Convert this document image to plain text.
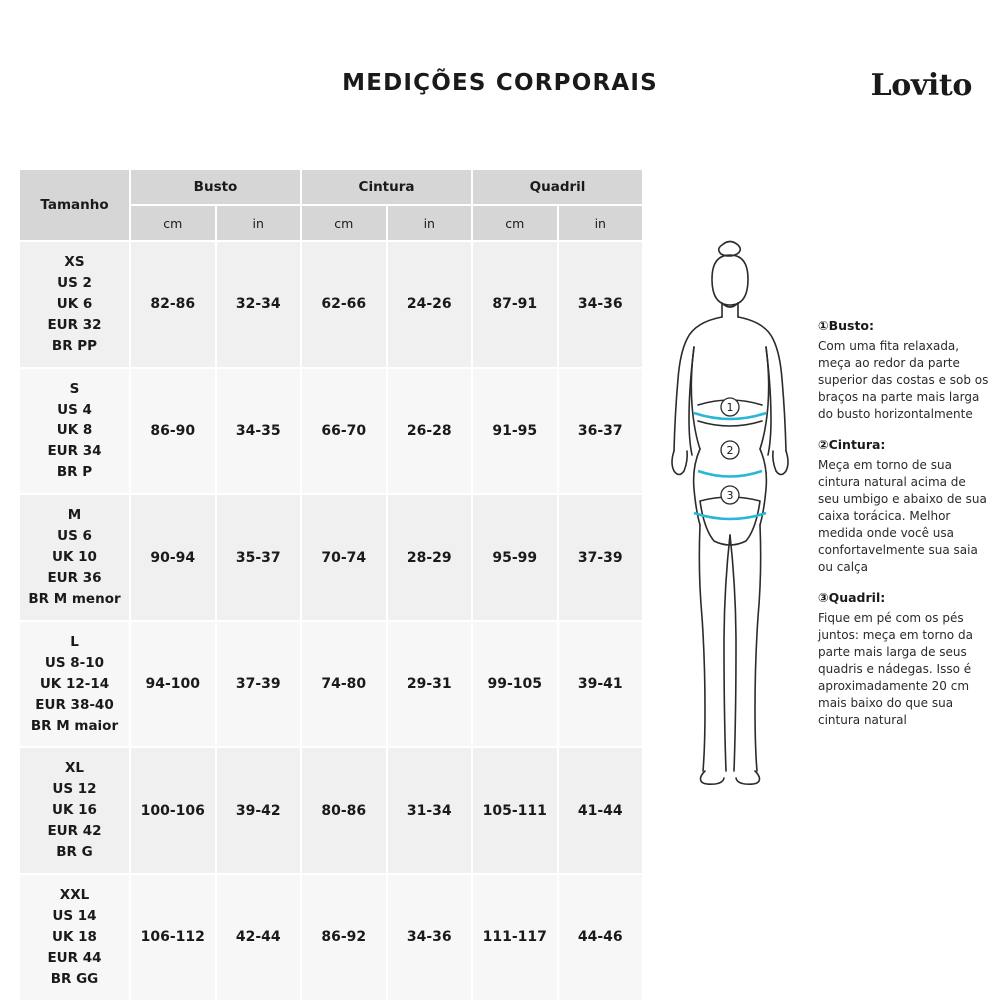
MEDIÇÕES CORPORAIS	Lovito
Tamanho	Busto		Cintura		Quadril	
	cm	in	cm	in	cm	in

XS
US 2
UK 6
EUR 32
BR PP	82-86	32-34	62-66	24-26	87-91	34-36

S
US 4
UK 8
EUR 34
BR P	86-90	34-35	66-70	26-28	91-95	36-37

M
US 6
UK 10
EUR 36
BR M menor	90-94	35-37	70-74	28-29	95-99	37-39

L
US 8-10
UK 12-14
EUR 38-40
BR M maior	94-100	37-39	74-80	29-31	99-105	39-41

XL
US 12
UK 16
EUR 42
BR G	100-106	39-42	80-86	31-34	105-111	41-44

XXL
US 14
UK 18
EUR 44
BR GG	106-112	42-44	86-92	34-36	111-117	44-46
1
2
3
①Busto:
Com uma fita relaxada, meça ao redor da parte superior das costas e sob os braços na parte mais larga do busto horizontalmente
②Cintura:
Meça em torno de sua cintura natural acima de seu umbigo e abaixo de sua caixa torácica. Melhor medida onde você usa confortavelmente sua saia ou calça
③Quadril:
Fique em pé com os pés juntos: meça em torno da parte mais larga de seus quadris e nádegas. Isso é aproximadamente 20 cm mais baixo do que sua cintura natural
